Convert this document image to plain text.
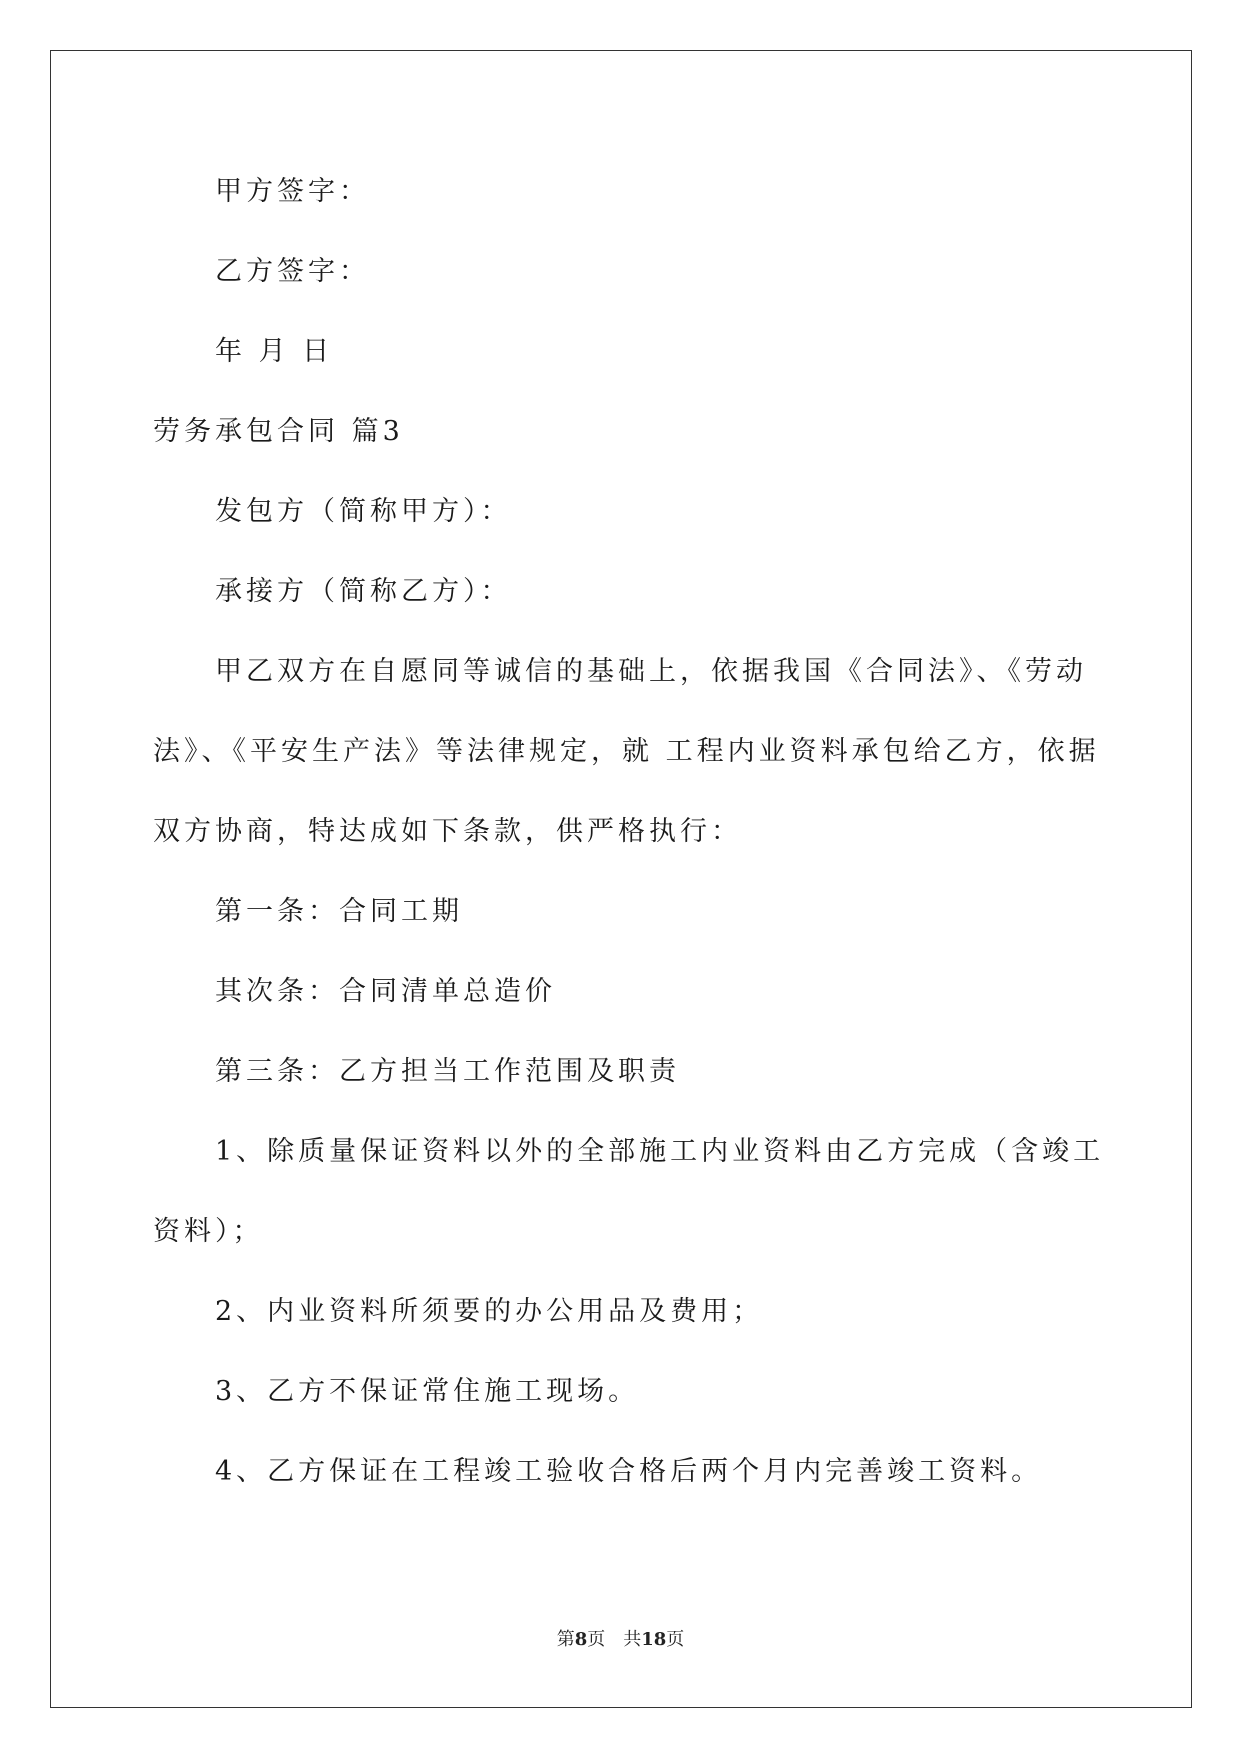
甲方签字：
乙方签字：
年 月 日
劳务承包合同 篇3
发包方（简称甲方）：
承接方（简称乙方）：
甲乙双方在自愿同等诚信的基础上，依据我国《合同法》、《劳动
法》、《平安生产法》等法律规定，就 工程内业资料承包给乙方，依据
双方协商，特达成如下条款，供严格执行：
第一条：合同工期
其次条：合同清单总造价
第三条：乙方担当工作范围及职责
1、除质量保证资料以外的全部施工内业资料由乙方完成（含竣工
资料）；
2、内业资料所须要的办公用品及费用；
3、乙方不保证常住施工现场。
4、乙方保证在工程竣工验收合格后两个月内完善竣工资料。
第8页 共18页
